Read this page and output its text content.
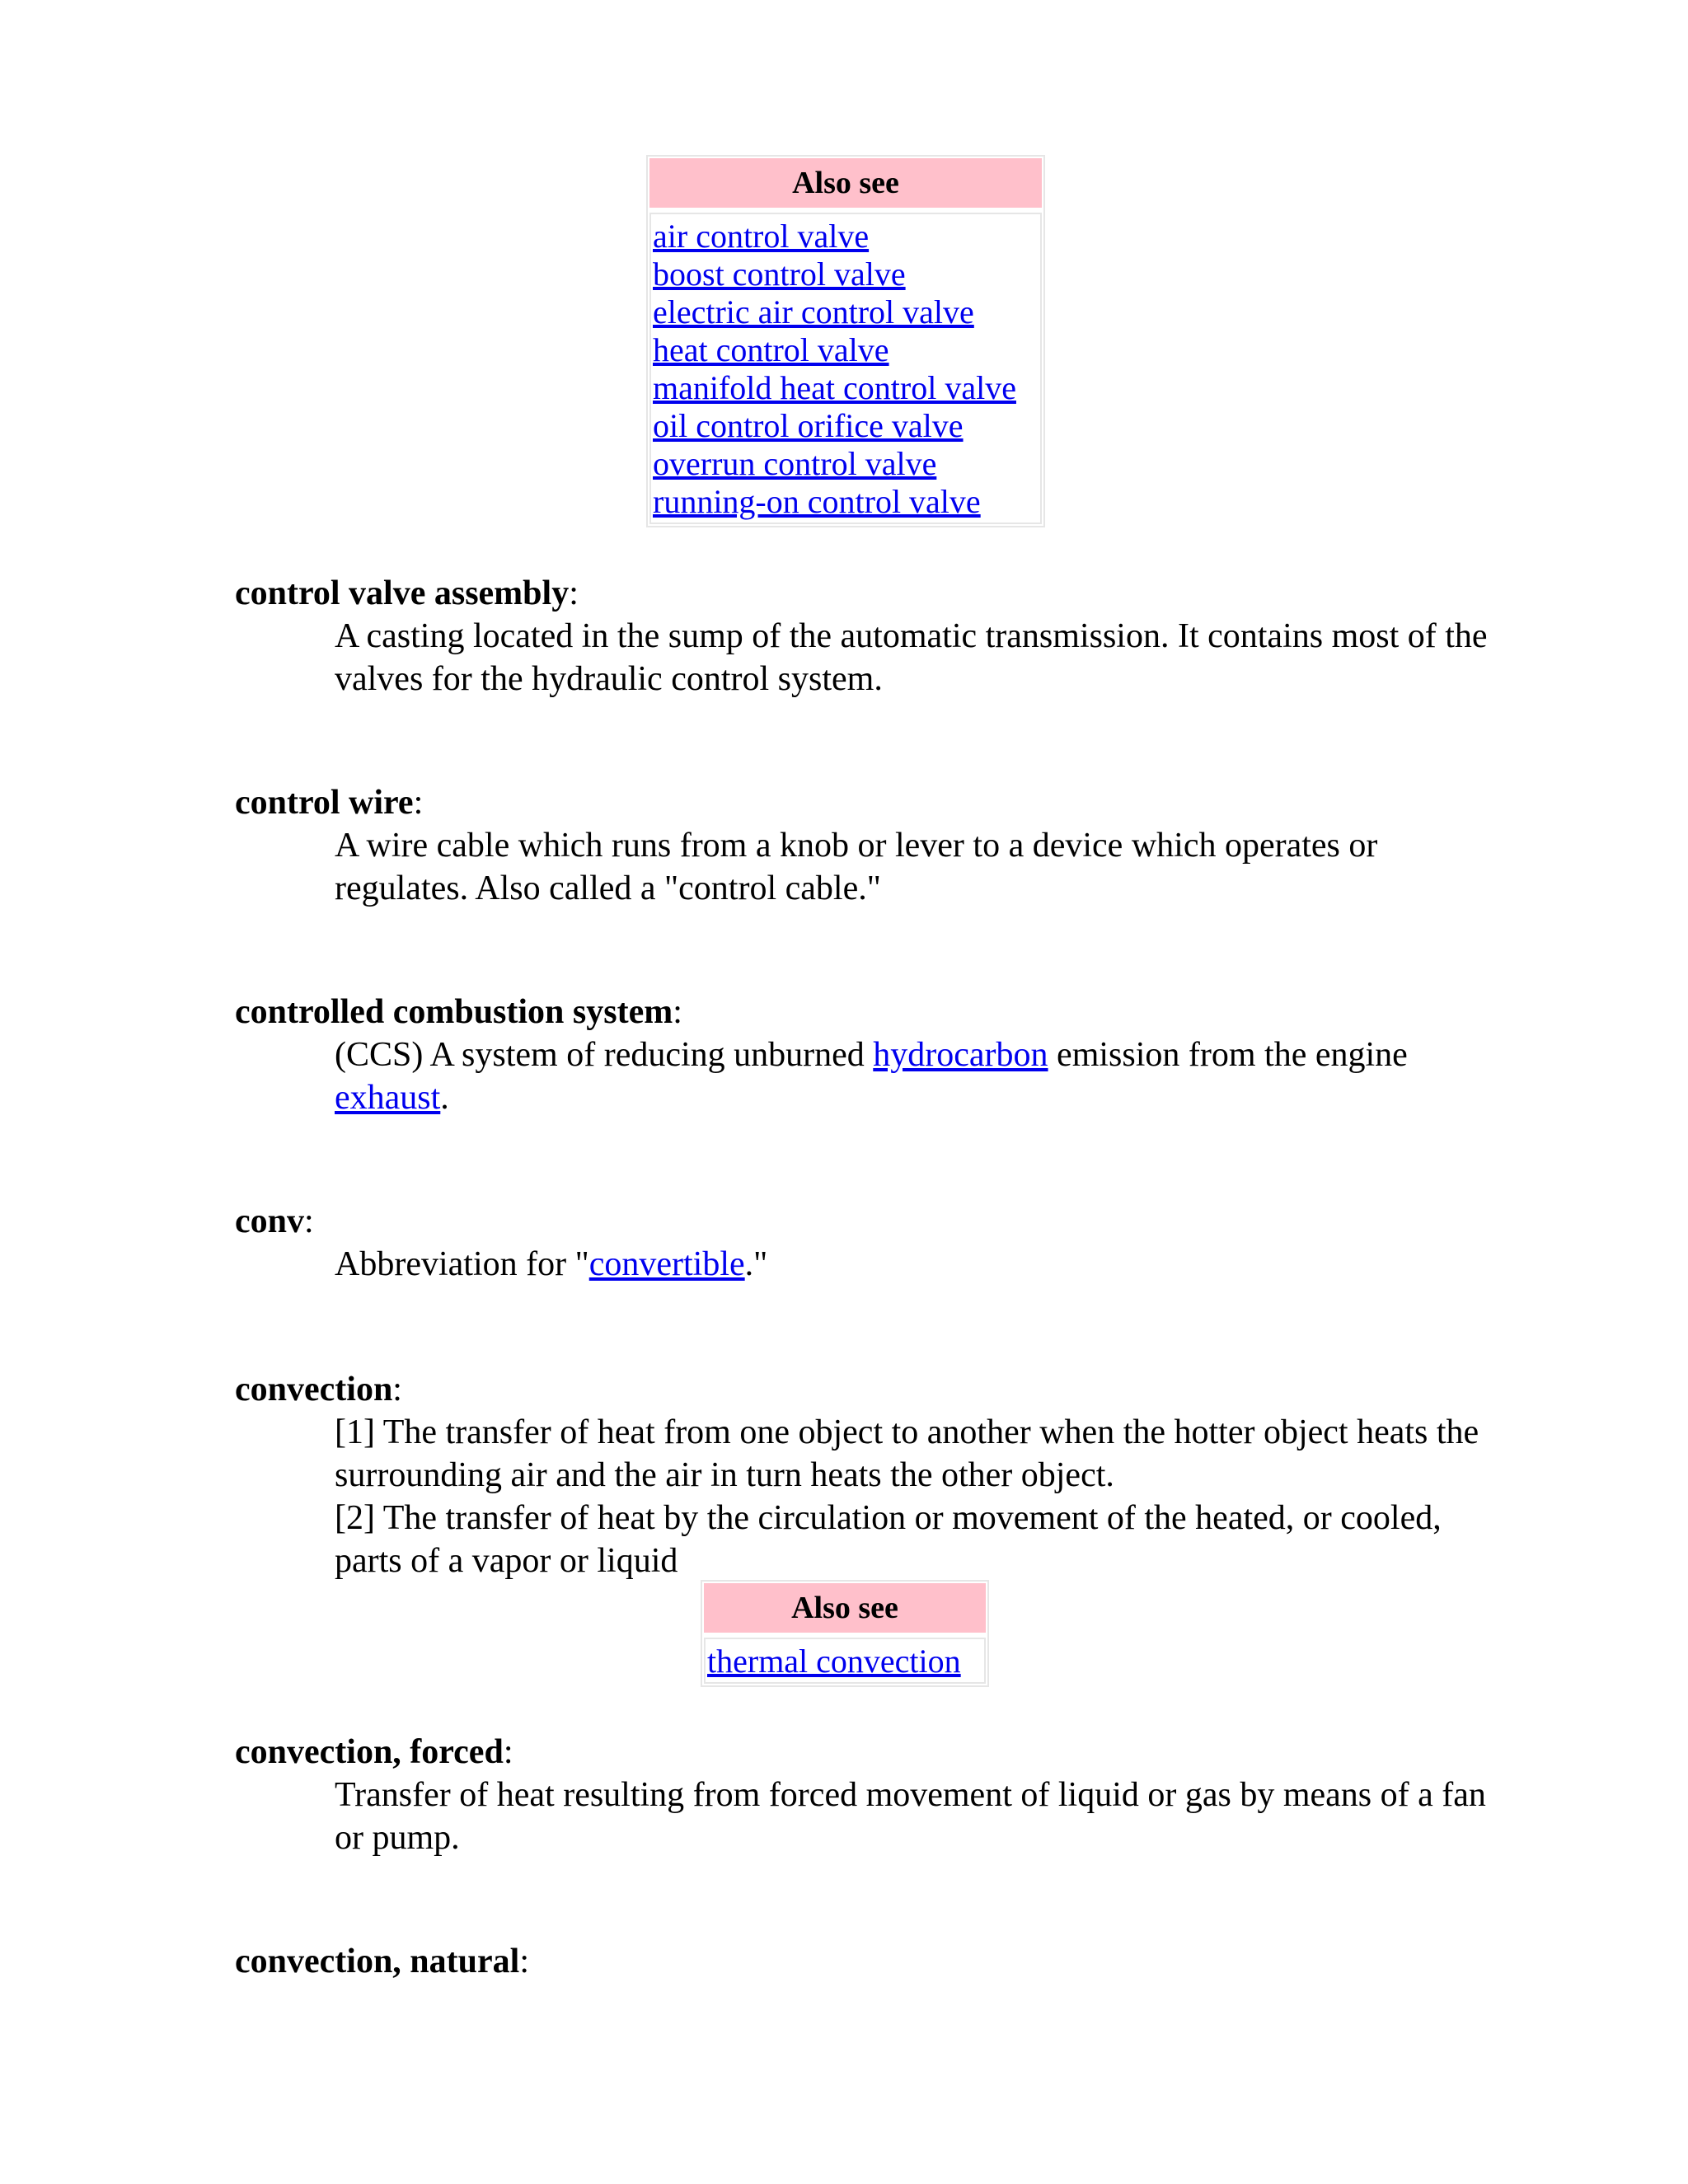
Also see
air control valve
boost control valve
electric air control valve
heat control valve
manifold heat control valve
oil control orifice valve
overrun control valve
running-on control valve
control valve assembly:
A casting located in the sump of the automatic transmission. It contains most of the valves for the hydraulic control system.
control wire:
A wire cable which runs from a knob or lever to a device which operates or regulates. Also called a "control cable."
controlled combustion system:
(CCS) A system of reducing unburned hydrocarbon emission from the engine exhaust.
conv:
Abbreviation for "convertible."
convection:
[1] The transfer of heat from one object to another when the hotter object heats the surrounding air and the air in turn heats the other object.
[2] The transfer of heat by the circulation or movement of the heated, or cooled, parts of a vapor or liquid
Also see
thermal convection
convection, forced:
Transfer of heat resulting from forced movement of liquid or gas by means of a fan or pump.
convection, natural:
